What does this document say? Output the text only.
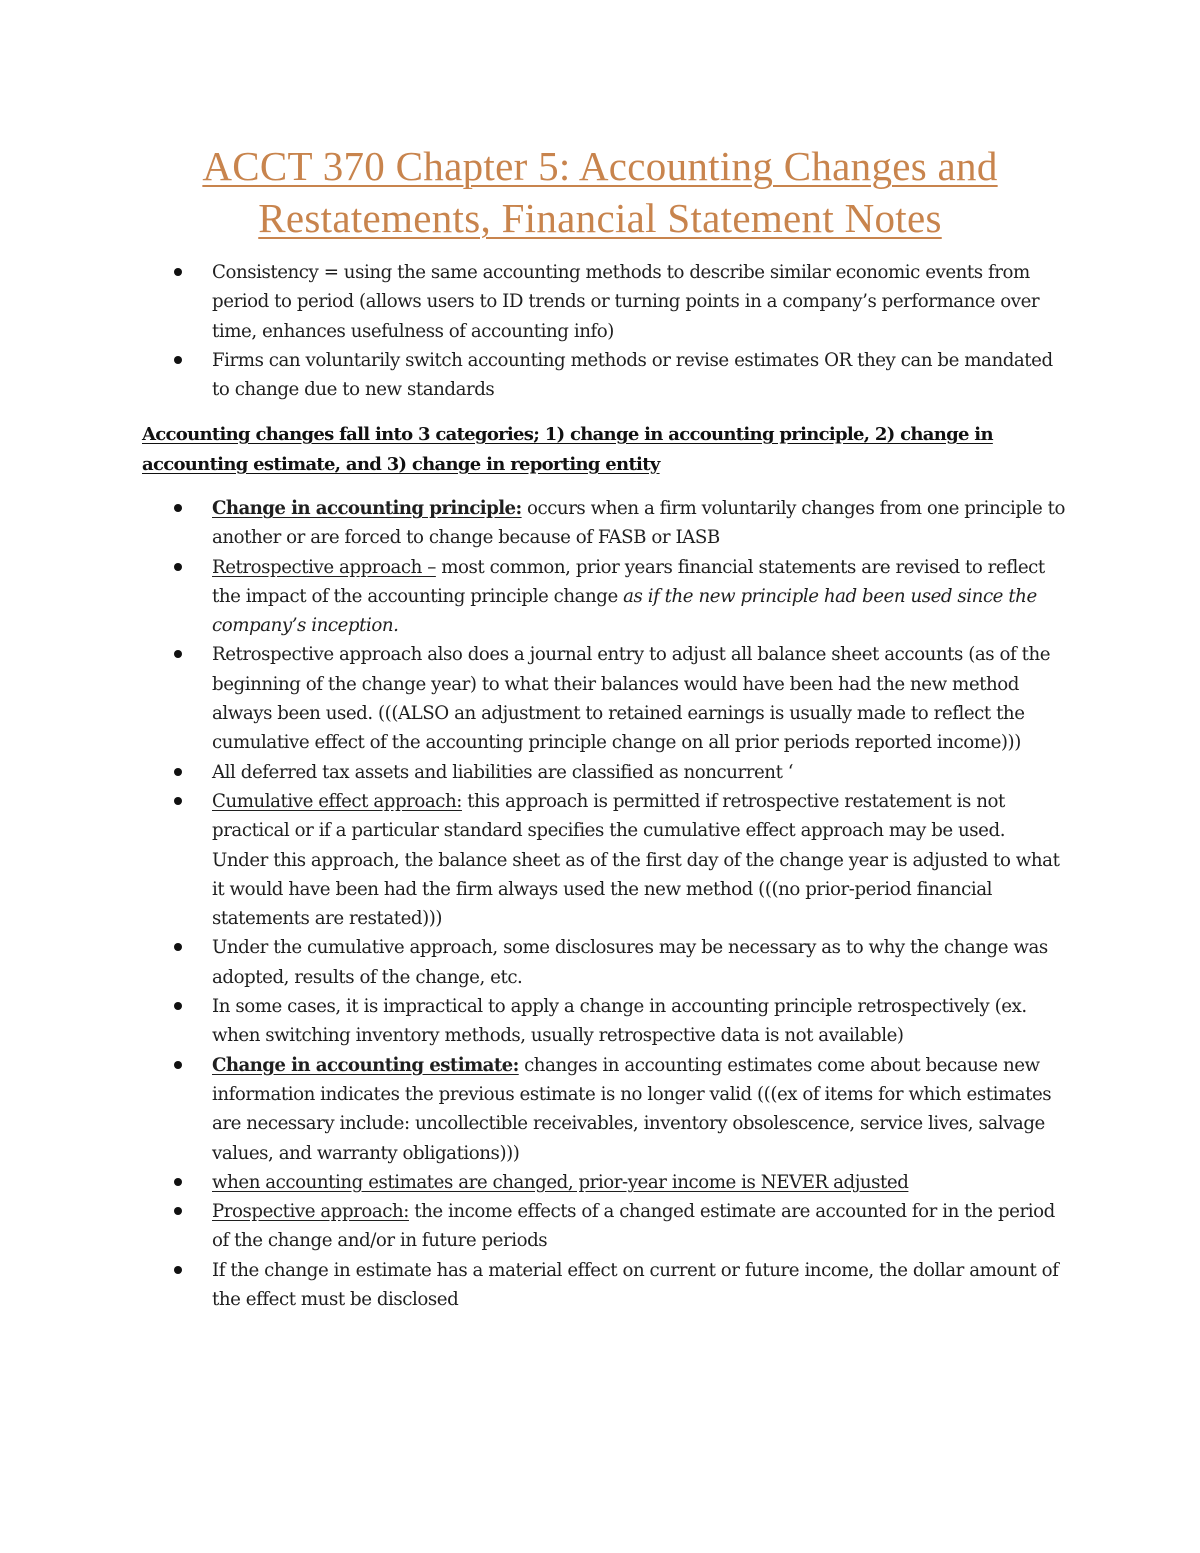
ACCT 370 Chapter 5: Accounting Changes and Restatements, Financial Statement Notes
Consistency = using the same accounting methods to describe similar economic events from period to period (allows users to ID trends or turning points in a company’s performance over time, enhances usefulness of accounting info)
Firms can voluntarily switch accounting methods or revise estimates OR they can be mandated to change due to new standards

Accounting changes fall into 3 categories; 1) change in accounting principle, 2) change in accounting estimate, and 3) change in reporting entity

Change in accounting principle: occurs when a firm voluntarily changes from one principle to another or are forced to change because of FASB or IASB
Retrospective approach – most common, prior years financial statements are revised to reflect the impact of the accounting principle change as if the new principle had been used since the company’s inception.
Retrospective approach also does a journal entry to adjust all balance sheet accounts (as of the beginning of the change year) to what their balances would have been had the new method always been used. (((ALSO an adjustment to retained earnings is usually made to reflect the cumulative effect of the accounting principle change on all prior periods reported income)))
All deferred tax assets and liabilities are classified as noncurrent ‘
Cumulative effect approach: this approach is permitted if retrospective restatement is not practical or if a particular standard specifies the cumulative effect approach may be used. Under this approach, the balance sheet as of the first day of the change year is adjusted to what it would have been had the firm always used the new method (((no prior-period financial statements are restated)))
Under the cumulative approach, some disclosures may be necessary as to why the change was adopted, results of the change, etc.
In some cases, it is impractical to apply a change in accounting principle retrospectively (ex. when switching inventory methods, usually retrospective data is not available)
Change in accounting estimate: changes in accounting estimates come about because new information indicates the previous estimate is no longer valid (((ex of items for which estimates are necessary include: uncollectible receivables, inventory obsolescence, service lives, salvage values, and warranty obligations)))
when accounting estimates are changed, prior-year income is NEVER adjusted
Prospective approach: the income effects of a changed estimate are accounted for in the period of the change and/or in future periods
If the change in estimate has a material effect on current or future income, the dollar amount of the effect must be disclosed
